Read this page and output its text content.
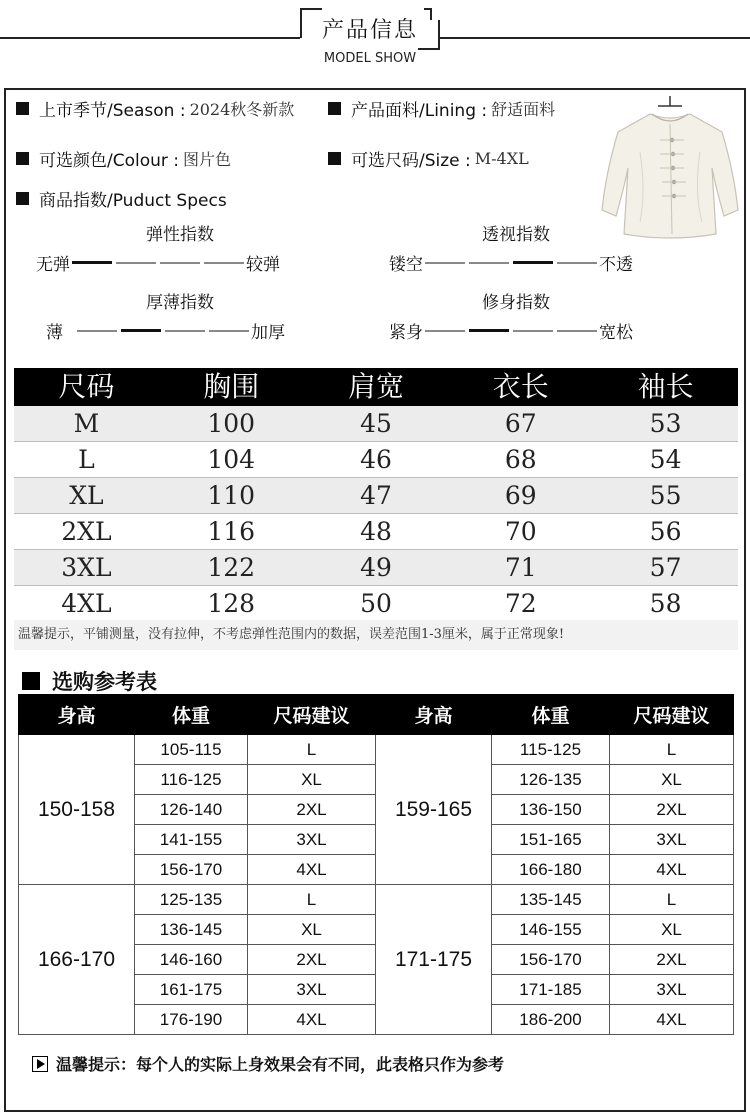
产品信息
MODEL SHOW
上市季节/Season : 2024秋冬新款	产品面料/Lining : 舒适面料
可选颜色/Colour : 图片色	可选尺码/Size : M-4XL
商品指数/Puduct Specs
弹性指数
无弹	较弹
透视指数
镂空	不透
厚薄指数
薄	加厚
修身指数
紧身	宽松
尺码	胸围	肩宽	衣长	袖长
M	100	45	67	53
L	104	46	68	54
XL	110	47	69	55
2XL	116	48	70	56
3XL	122	49	71	57
4XL	128	50	72	58
温馨提示，平铺测量，没有拉伸，不考虑弹性范围内的数据，误差范围1-3厘米，属于正常现象!
选购参考表
身高	体重	尺码建议	身高	体重	尺码建议
150-158	105-115	L	159-165	115-125	L
	116-125	XL		126-135	XL
	126-140	2XL		136-150	2XL
	141-155	3XL		151-165	3XL
	156-170	4XL		166-180	4XL
166-170	125-135	L	171-175	135-145	L
	136-145	XL		146-155	XL
	146-160	2XL		156-170	2XL
	161-175	3XL		171-185	3XL
	176-190	4XL		186-200	4XL
温馨提示：每个人的实际上身效果会有不同，此表格只作为参考
